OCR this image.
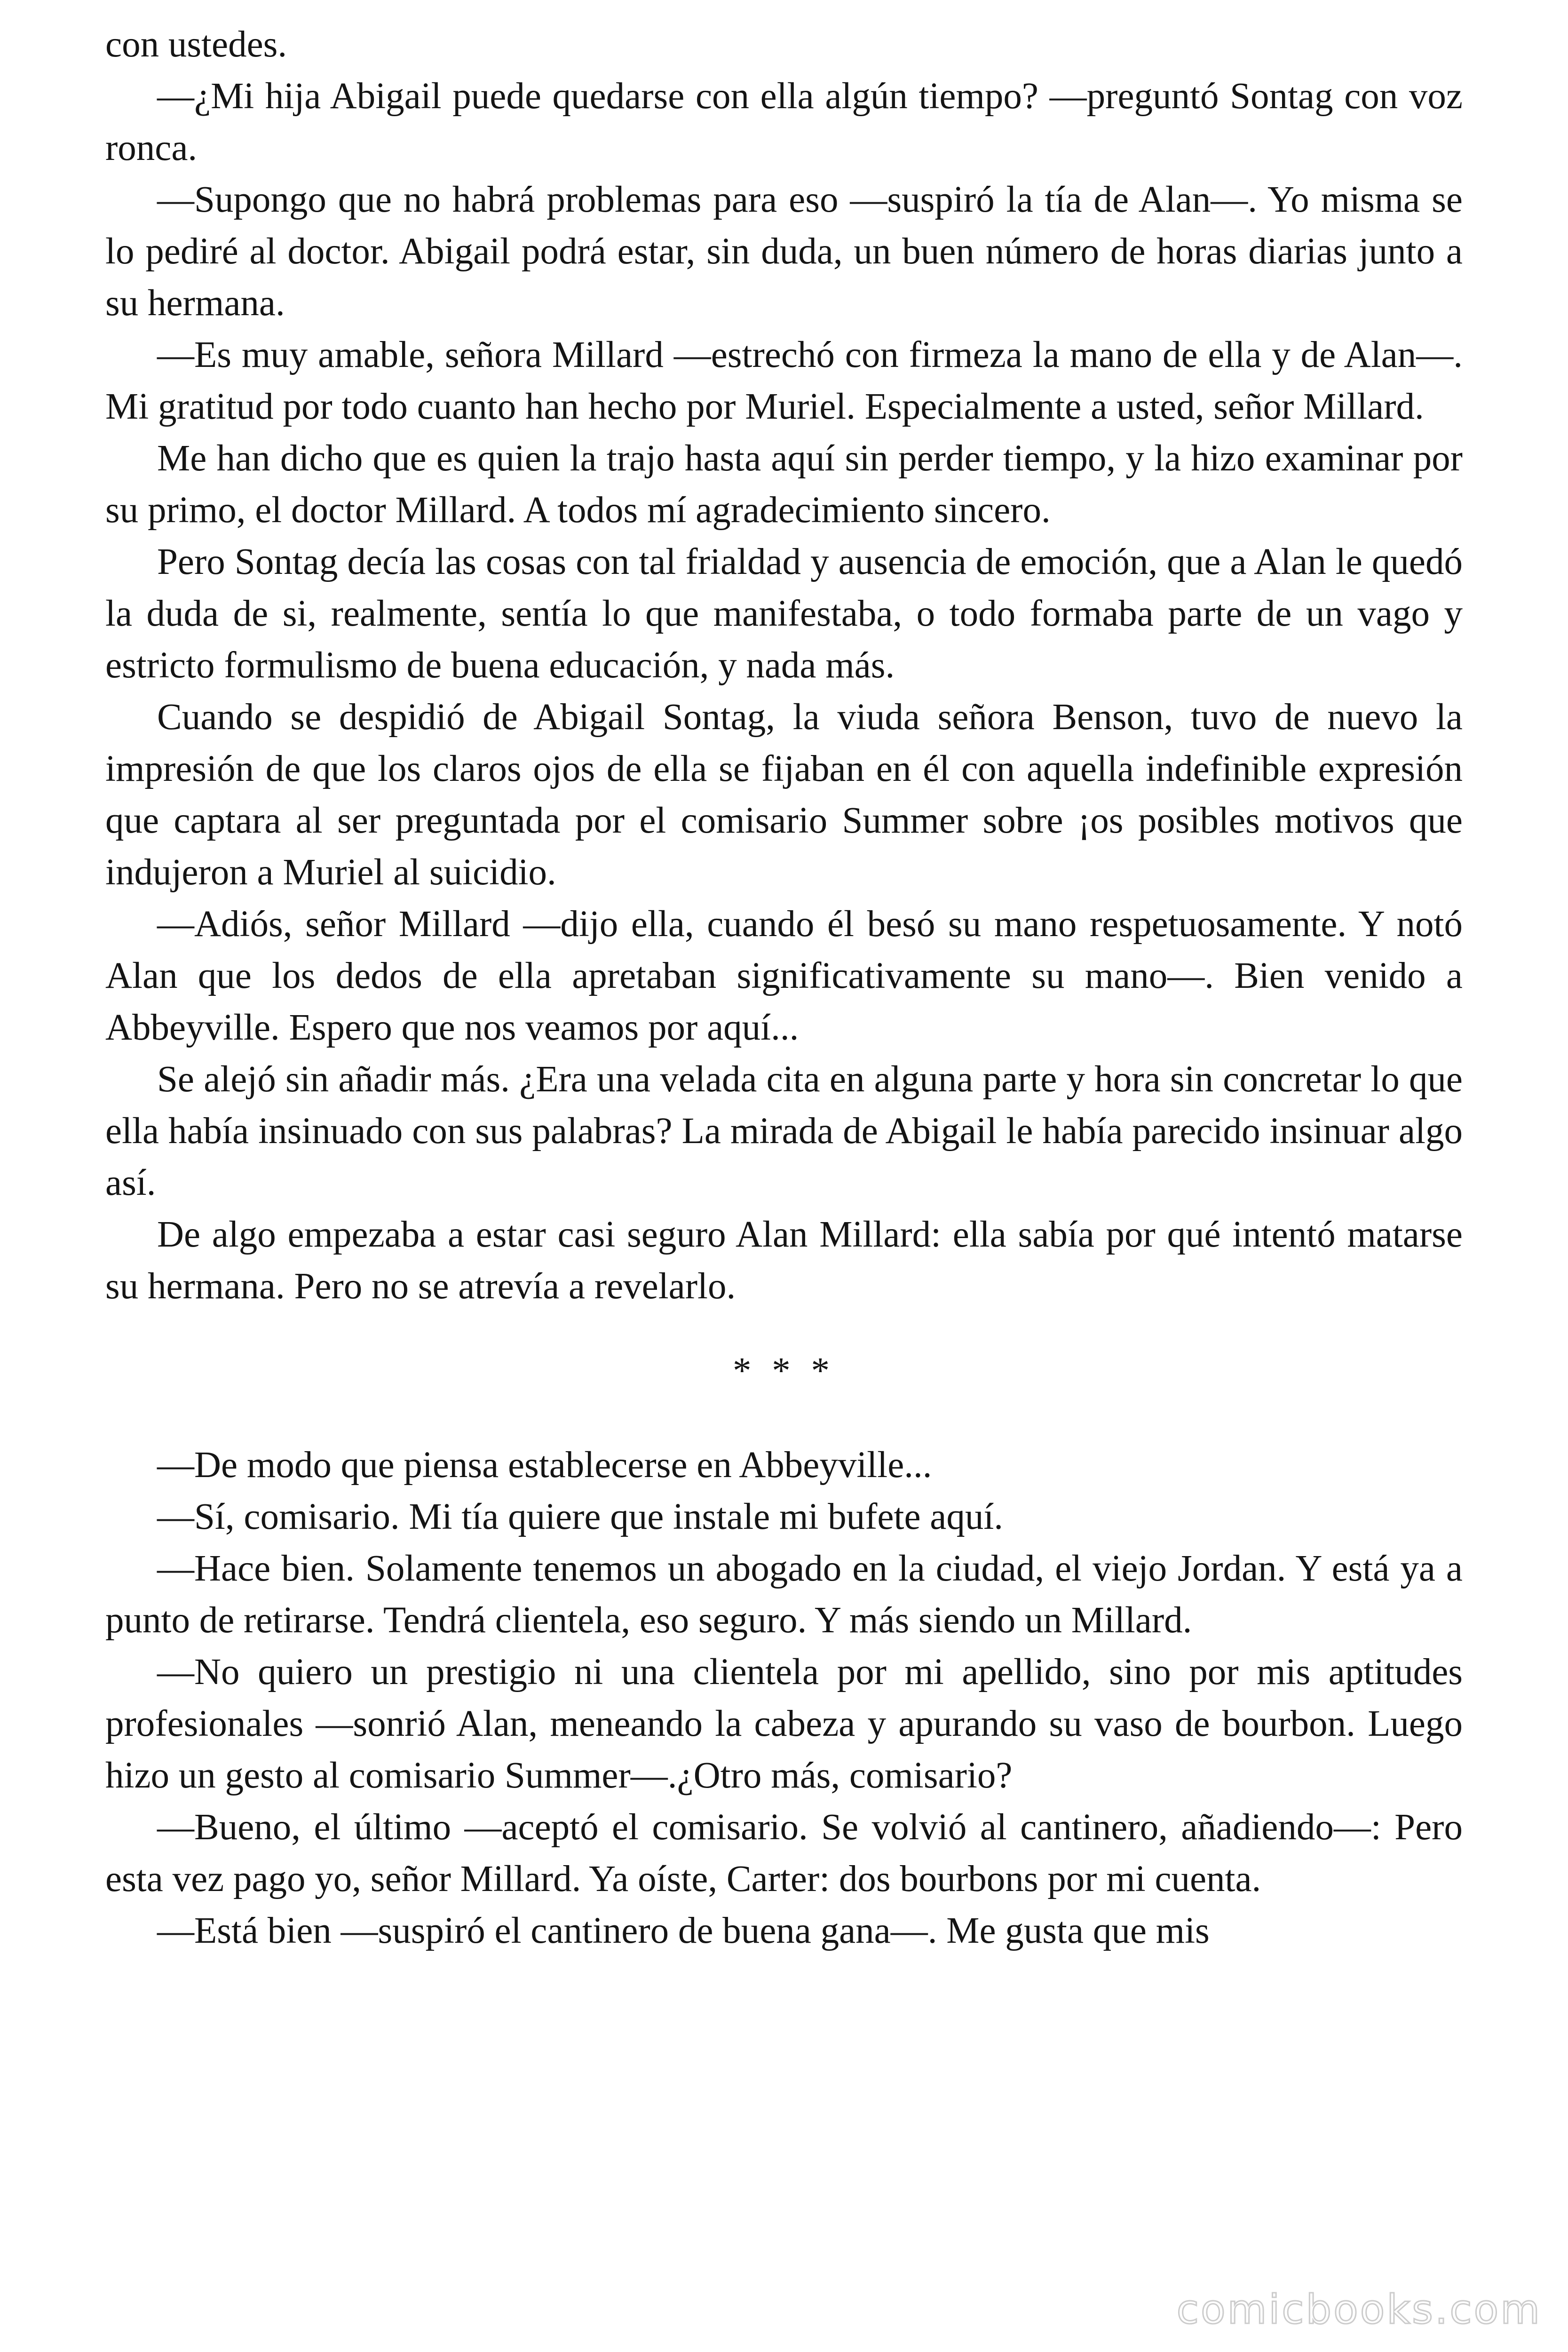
con ustedes.

—¿Mi hija Abigail puede quedarse con ella algún tiempo? —preguntó Sontag con voz ronca.

—Supongo que no habrá problemas para eso —suspiró la tía de Alan—. Yo misma se lo pediré al doctor. Abigail podrá estar, sin duda, un buen número de horas diarias junto a su hermana.

—Es muy amable, señora Millard —estrechó con firmeza la mano de ella y de Alan—. Mi gratitud por todo cuanto han hecho por Muriel. Especialmente a usted, señor Millard.

Me han dicho que es quien la trajo hasta aquí sin perder tiempo, y la hizo examinar por su primo, el doctor Millard. A todos mí agradecimiento sincero.

Pero Sontag decía las cosas con tal frialdad y ausencia de emoción, que a Alan le quedó la duda de si, realmente, sentía lo que manifestaba, o todo formaba parte de un vago y estricto formulismo de buena educación, y nada más.

Cuando se despidió de Abigail Sontag, la viuda señora Benson, tuvo de nuevo la impresión de que los claros ojos de ella se fijaban en él con aquella indefinible expresión que captara al ser preguntada por el comisario Summer sobre ¡os posibles motivos que indujeron a Muriel al suicidio.

—Adiós, señor Millard —dijo ella, cuando él besó su mano respetuosamente. Y notó Alan que los dedos de ella apretaban significativamente su mano—. Bien venido a Abbeyville. Espero que nos veamos por aquí...

Se alejó sin añadir más. ¿Era una velada cita en alguna parte y hora sin concretar lo que ella había insinuado con sus palabras? La mirada de Abigail le había parecido insinuar algo así.

De algo empezaba a estar casi seguro Alan Millard: ella sabía por qué intentó matarse su hermana. Pero no se atrevía a revelarlo.

* * *

—De modo que piensa establecerse en Abbeyville...

—Sí, comisario. Mi tía quiere que instale mi bufete aquí.

—Hace bien. Solamente tenemos un abogado en la ciudad, el viejo Jordan. Y está ya a punto de retirarse. Tendrá clientela, eso seguro. Y más siendo un Millard.

—No quiero un prestigio ni una clientela por mi apellido, sino por mis aptitudes profesionales —sonrió Alan, meneando la cabeza y apurando su vaso de bourbon. Luego hizo un gesto al comisario Summer—.¿Otro más, comisario?

—Bueno, el último —aceptó el comisario. Se volvió al cantinero, añadiendo—: Pero esta vez pago yo, señor Millard. Ya oíste, Carter: dos bourbons por mi cuenta.

—Está bien —suspiró el cantinero de buena gana—. Me gusta que mis

comicbooks.com
